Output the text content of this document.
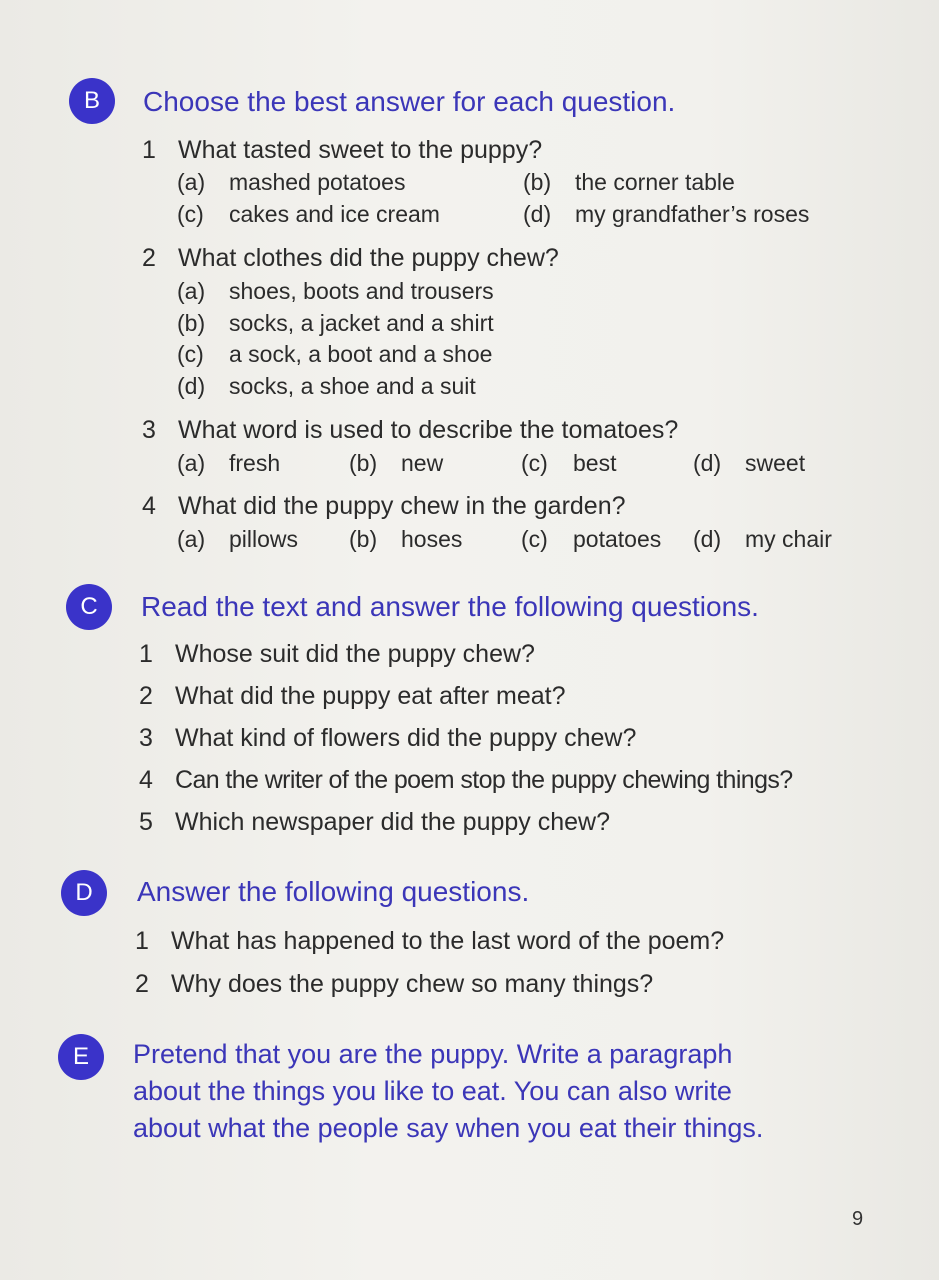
B	Choose the best answer for each question.
1 What tasted sweet to the puppy?
(a) mashed potatoes	(b) the corner table
(c) cakes and ice cream	(d) my grandfather’s roses
2 What clothes did the puppy chew?
(a) shoes, boots and trousers
(b) socks, a jacket and a shirt
(c) a sock, a boot and a shoe
(d) socks, a shoe and a suit
3 What word is used to describe the tomatoes?
(a) fresh	(b) new	(c) best	(d) sweet
4 What did the puppy chew in the garden?
(a) pillows (b) hoses	(c) potatoes (d) my chair
C	Read the text and answer the following questions.
1 Whose suit did the puppy chew?
2 What did the puppy eat after meat?
3 What kind of flowers did the puppy chew?
4 Can the writer of the poem stop the puppy chewing things?
5 Which newspaper did the puppy chew?
D	Answer the following questions.
1 What has happened to the last word of the poem?
2 Why does the puppy chew so many things?
E	Pretend that you are the puppy. Write a paragraph
about the things you like to eat. You can also write
about what the people say when you eat their things.
9
